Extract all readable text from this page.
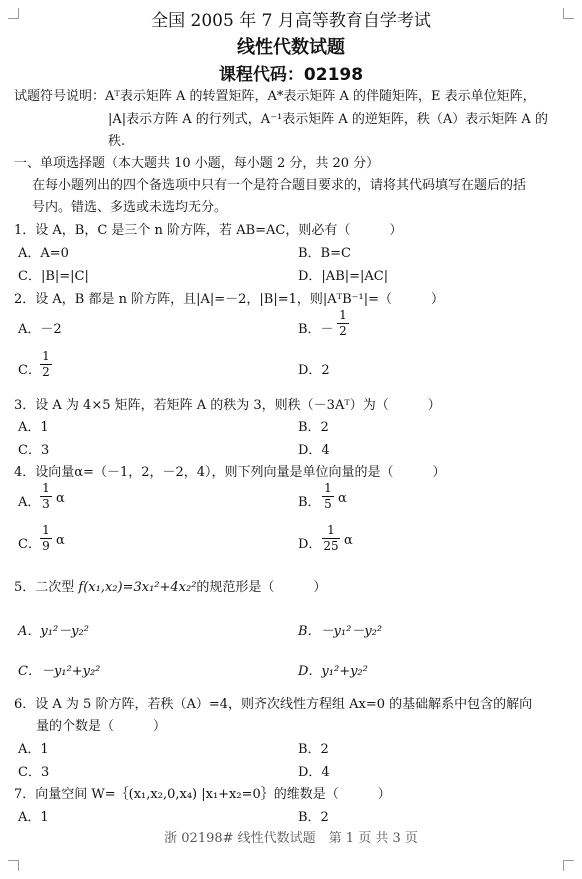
全国 2005 年 7 月高等教育自学考试
线性代数试题
课程代码：02198
试题符号说明：Aᵀ表示矩阵 A 的转置矩阵，A*表示矩阵 A 的伴随矩阵，E 表示单位矩阵，
|A|表示方阵 A 的行列式，A⁻¹表示矩阵 A 的逆矩阵，秩（A）表示矩阵 A 的
秩.
一、单项选择题（本大题共 10 小题，每小题 2 分，共 20 分）
在每小题列出的四个备选项中只有一个是符合题目要求的，请将其代码填写在题后的括
号内。错选、多选或未选均无分。
1．设 A，B，C 是三个 n 阶方阵，若 AB=AC，则必有（　　　）
A．A=0	B．B=C
C．|B|=|C|	D．|AB|=|AC|
2．设 A，B 都是 n 阶方阵，且|A|=－2，|B|=1，则|AᵀB⁻¹|=（　　　）
A．－2	B．－
1
2
C．
1
2	D．2
3．设 A 为 4×5 矩阵，若矩阵 A 的秩为 3，则秩（－3Aᵀ）为（　　　）
A．1	B．2
C．3	D．4
4．设向量α=（－1，2，－2，4），则下列向量是单位向量的是（　　　）
A．
1
3 α	B．
1
5 α
C．
1
9 α	D．
1
25 α
5．二次型 f(x₁,x₂)=3x₁²+4x₂²的规范形是（　　　）
A．y₁²－y₂²	B．－y₁²－y₂²
C．－y₁²+y₂²	D．y₁²+y₂²
6．设 A 为 5 阶方阵，若秩（A）=4，则齐次线性方程组 Ax=0 的基础解系中包含的解向
量的个数是（　　　）
A．1	B．2
C．3	D．4
7．向量空间 W=｛(x₁,x₂,0,x₄) |x₁+x₂=0｝的维数是（　　　）
A．1	B．2
浙 02198# 线性代数试题　第 1 页 共 3 页
